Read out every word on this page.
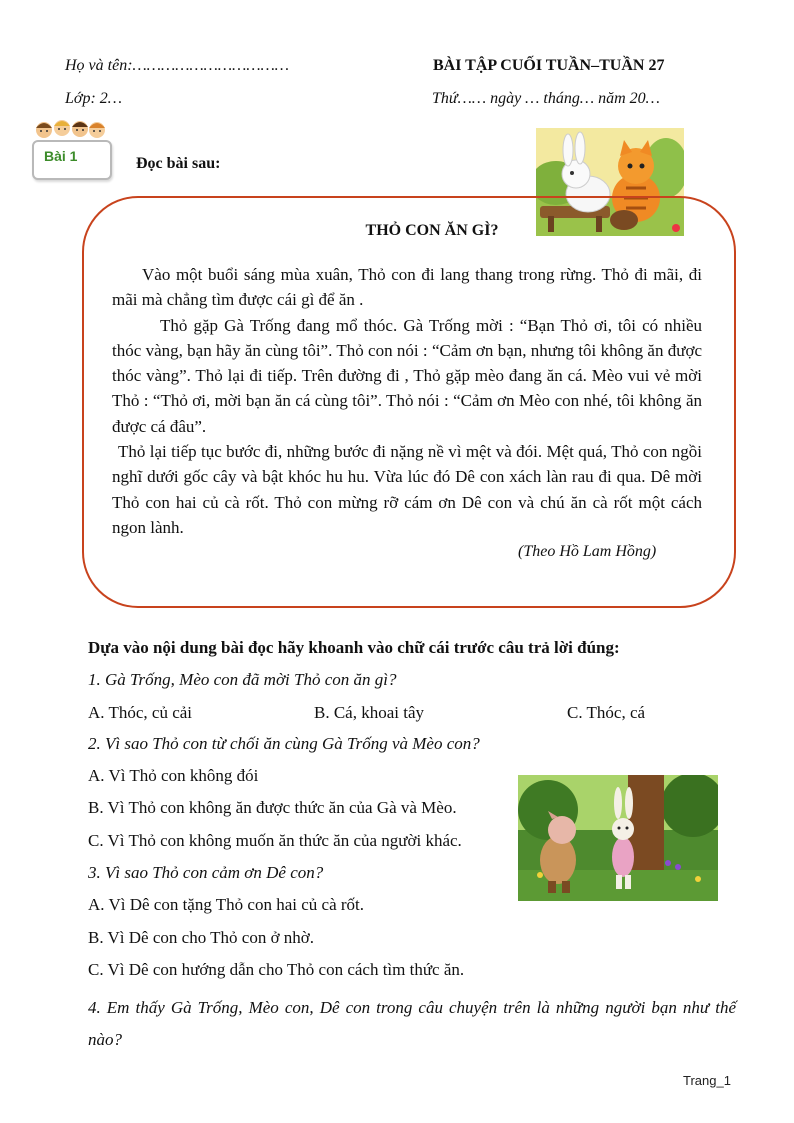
Họ và tên:……………………………	BÀI TẬP CUỐI TUẦN–TUẦN 27
Lớp: 2…	Thứ…… ngày … tháng… năm 20…
Bài 1	Đọc bài sau:
THỎ CON ĂN GÌ?

Vào một buổi sáng mùa xuân, Thỏ con đi lang thang trong rừng. Thỏ đi mãi, đi mãi mà chẳng tìm được cái gì để ăn .

Thỏ gặp Gà Trống đang mổ thóc. Gà Trống mời : “Bạn Thỏ ơi, tôi có nhiều thóc vàng, bạn hãy ăn cùng tôi”. Thỏ con nói : “Cảm ơn bạn, nhưng tôi không ăn được thóc vàng”. Thỏ lại đi tiếp. Trên đường đi , Thỏ gặp mèo đang ăn cá. Mèo vui vẻ mời Thỏ : “Thỏ ơi, mời bạn ăn cá cùng tôi”. Thỏ nói : “Cảm ơn Mèo con nhé, tôi không ăn được cá đâu”.

Thỏ lại tiếp tục bước đi, những bước đi nặng nề vì mệt và đói. Mệt quá, Thỏ con ngồi nghĩ dưới gốc cây và bật khóc hu hu. Vừa lúc đó Dê con xách làn rau đi qua. Dê mời Thỏ con hai củ cà rốt. Thỏ con mừng rỡ cám ơn Dê con và chú ăn cà rốt một cách ngon lành.

(Theo Hồ Lam Hồng)
Dựa vào nội dung bài đọc hãy khoanh vào chữ cái trước câu trả lời đúng:
1. Gà Trống, Mèo con đã mời Thỏ con ăn gì?
A. Thóc, củ cải	B. Cá, khoai tây	C. Thóc, cá
2. Vì sao Thỏ con từ chối ăn cùng Gà Trống và Mèo con?
A. Vì Thỏ con không đói
B. Vì Thỏ con không ăn được thức ăn của Gà và Mèo.
C. Vì Thỏ con không muốn ăn thức ăn của người khác.
3. Vì sao Thỏ con cảm ơn Dê con?
A. Vì Dê con tặng Thỏ con hai củ cà rốt.
B. Vì Dê con cho Thỏ con ở nhờ.
C. Vì Dê con hướng dẫn cho Thỏ con cách tìm thức ăn.
4. Em thấy Gà Trống, Mèo con, Dê con trong câu chuyện trên là những người bạn như thế nào?
Trang_1
